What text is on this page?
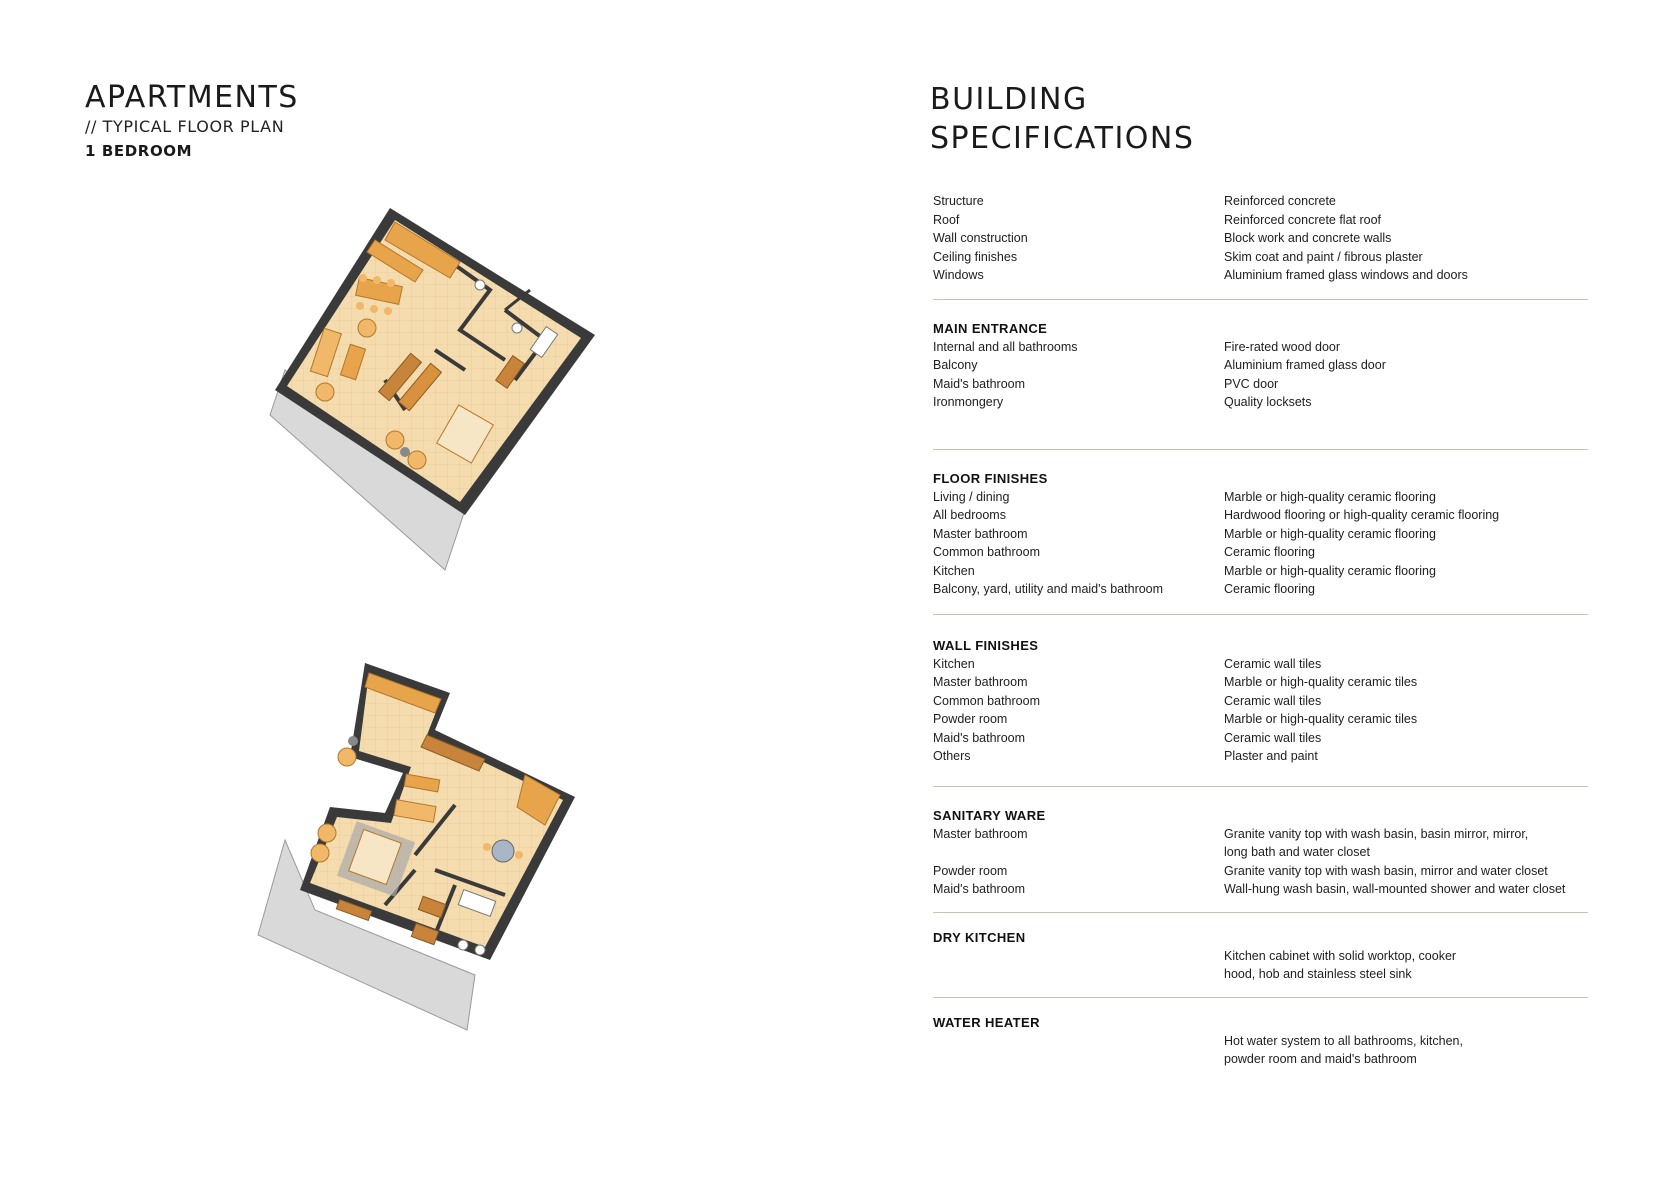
APARTMENTS
// TYPICAL FLOOR PLAN
1 BEDROOM
BUILDING
SPECIFICATIONS
Structure	Reinforced concrete
Roof	Reinforced concrete flat roof
Wall construction	Block work and concrete walls
Ceiling finishes	Skim coat and paint / fibrous plaster
Windows	Aluminium framed glass windows and doors
MAIN ENTRANCE
Internal and all bathrooms	Fire-rated wood door
Balcony	Aluminium framed glass door
Maid's bathroom	PVC door
Ironmongery	Quality locksets
FLOOR FINISHES
Living / dining	Marble or high-quality ceramic flooring
All bedrooms	Hardwood flooring or high-quality ceramic flooring
Master bathroom	Marble or high-quality ceramic flooring
Common bathroom	Ceramic flooring
Kitchen	Marble or high-quality ceramic flooring
Balcony, yard, utility and maid's bathroom	Ceramic flooring
WALL FINISHES
Kitchen	Ceramic wall tiles
Master bathroom	Marble or high-quality ceramic tiles
Common bathroom	Ceramic wall tiles
Powder room	Marble or high-quality ceramic tiles
Maid's bathroom	Ceramic wall tiles
Others	Plaster and paint
SANITARY WARE
Master bathroom	Granite vanity top with wash basin, basin mirror, mirror,
long bath and water closet
Powder room	Granite vanity top with wash basin, mirror and water closet
Maid's bathroom	Wall-hung wash basin, wall-mounted shower and water closet
DRY KITCHEN
Kitchen cabinet with solid worktop, cooker
hood, hob and stainless steel sink
WATER HEATER
Hot water system to all bathrooms, kitchen,
powder room and maid's bathroom
